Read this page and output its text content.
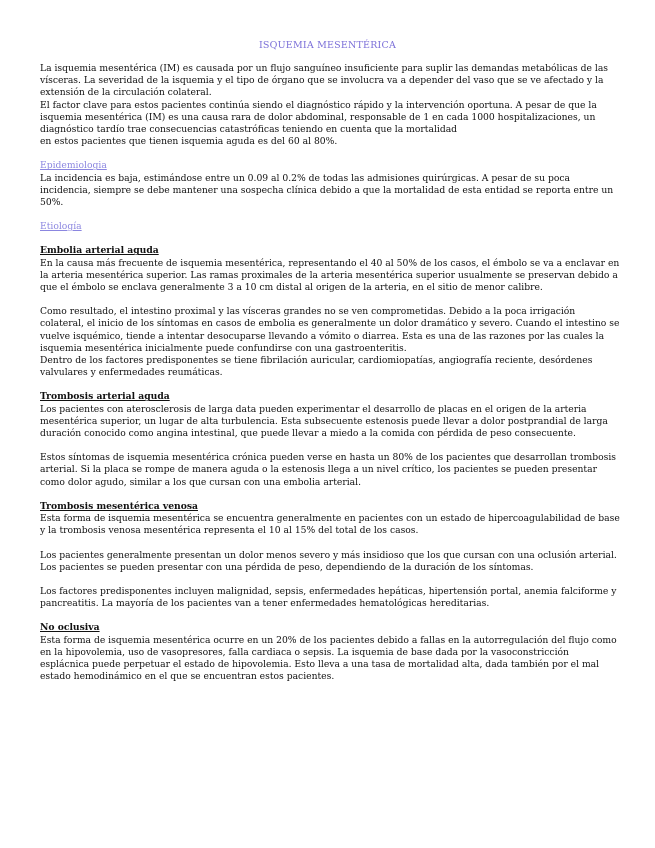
ISQUEMIA MESENTÉRICA

La isquemia mesentérica (IM) es causada por un flujo sanguíneo insuficiente para suplir las demandas metabólicas de las vísceras. La severidad de la isquemia y el tipo de órgano que se involucra va a depender del vaso que se ve afectado y la extensión de la circulación colateral.

El factor clave para estos pacientes continúa siendo el diagnóstico rápido y la intervención oportuna. A pesar de que la isquemia mesentérica (IM) es una causa rara de dolor abdominal, responsable de 1 en cada 1000 hospitalizaciones, un diagnóstico tardío trae consecuencias catastróficas teniendo en cuenta que la mortalidad

en estos pacientes que tienen isquemia aguda es del 60 al 80%.

Epidemiologia

La incidencia es baja, estimándose entre un 0.09 al 0.2% de todas las admisiones quirúrgicas. A pesar de su poca incidencia, siempre se debe mantener una sospecha clínica debido a que la mortalidad de esta entidad se reporta entre un 50%.

Etiología

Embolia arterial aguda

En la causa más frecuente de isquemia mesentérica, representando el 40 al 50% de los casos, el émbolo se va a enclavar en la arteria mesentérica superior. Las ramas proximales de la arteria mesentérica superior usualmente se preservan debido a que el émbolo se enclava generalmente 3 a 10 cm distal al origen de la arteria, en el sitio de menor calibre.

Como resultado, el intestino proximal y las vísceras grandes no se ven comprometidas. Debido a la poca irrigación colateral, el inicio de los síntomas en casos de embolia es generalmente un dolor dramático y severo. Cuando el intestino se vuelve isquémico, tiende a intentar desocuparse llevando a vómito o diarrea. Esta es una de las razones por las cuales la isquemia mesentérica inicialmente puede confundirse con una gastroenteritis.

Dentro de los factores predisponentes se tiene fibrilación auricular, cardiomiopatías, angiografía reciente, desórdenes valvulares y enfermedades reumáticas.

Trombosis arterial aguda

Los pacientes con aterosclerosis de larga data pueden experimentar el desarrollo de placas en el origen de la arteria mesentérica superior, un lugar de alta turbulencia. Esta subsecuente estenosis puede llevar a dolor postprandial de larga duración conocido como angina intestinal, que puede llevar a miedo a la comida con pérdida de peso consecuente.

Estos síntomas de isquemia mesentérica crónica pueden verse en hasta un 80% de los pacientes que desarrollan trombosis arterial. Si la placa se rompe de manera aguda o la estenosis llega a un nivel crítico, los pacientes se pueden presentar como dolor agudo, similar a los que cursan con una embolia arterial.

Trombosis mesentérica venosa

Esta forma de isquemia mesentérica se encuentra generalmente en pacientes con un estado de hipercoagulabilidad de base y la trombosis venosa mesentérica representa el 10 al 15% del total de los casos.

Los pacientes generalmente presentan un dolor menos severo y más insidioso que los que cursan con una oclusión arterial. Los pacientes se pueden presentar con una pérdida de peso, dependiendo de la duración de los síntomas.

Los factores predisponentes incluyen malignidad, sepsis, enfermedades hepáticas, hipertensión portal, anemia falciforme y pancreatitis. La mayoría de los pacientes van a tener enfermedades hematológicas hereditarias.

No oclusiva

Esta forma de isquemia mesentérica ocurre en un 20% de los pacientes debido a fallas en la autorregulación del flujo como en la hipovolemia, uso de vasopresores, falla cardiaca o sepsis. La isquemia de base dada por la vasoconstricción esplácnica puede perpetuar el estado de hipovolemia. Esto lleva a una tasa de mortalidad alta, dada también por el mal estado hemodinámico en el que se encuentran estos pacientes.
